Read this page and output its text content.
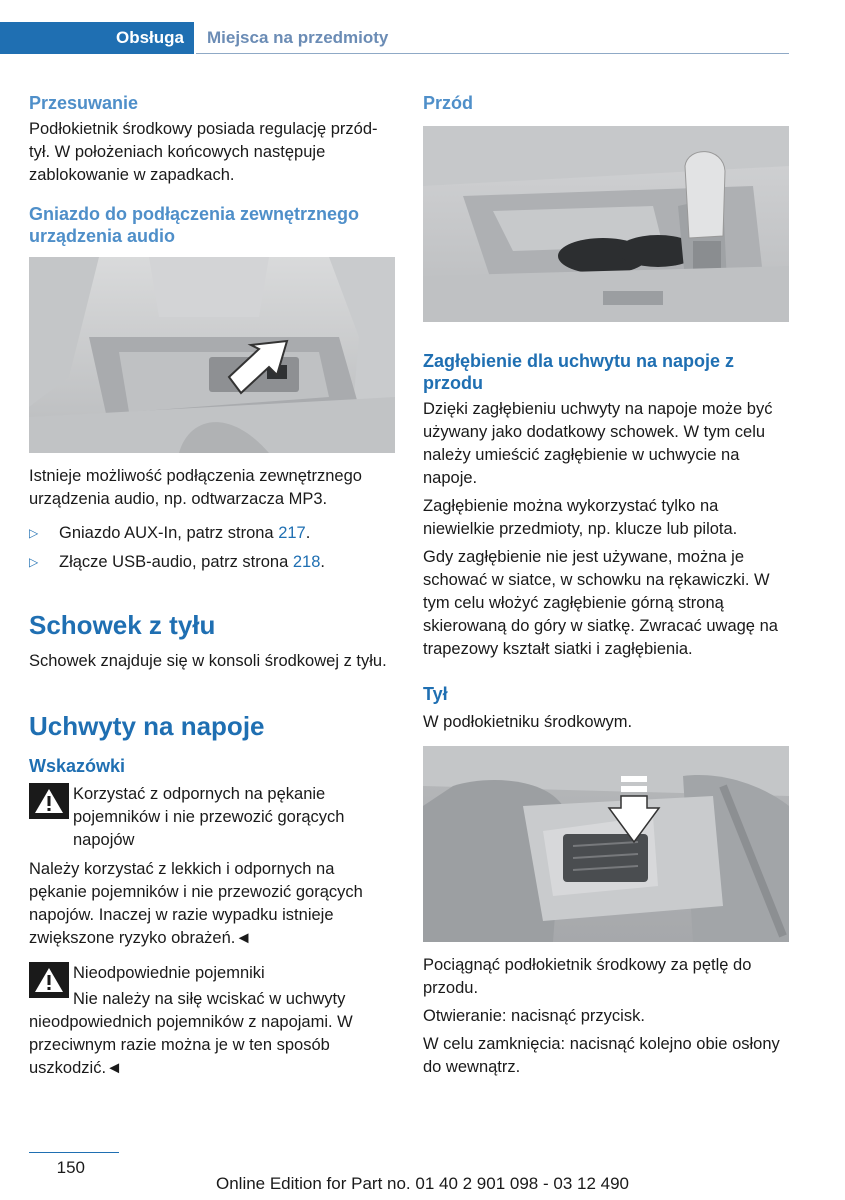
Obsługa Miejsca na przedmioty
Przesuwanie

Podłokietnik środkowy posiada regulację przód-tył. W położeniach końcowych następuje zablokowanie w zapadkach.

Gniazdo do podłączenia zewnętrznego urządzenia audio

Istnieje możliwość podłączenia zewnętrznego urządzenia audio, np. odtwarzacza MP3.

▷	Gniazdo AUX-In, patrz strona 217.
▷	Złącze USB-audio, patrz strona 218.
Schowek z tyłu

Schowek znajduje się w konsoli środkowej z tyłu.

Uchwyty na napoje
Wskazówki

Korzystać z odpornych na pękanie pojemników i nie przewozić gorących napojów

Należy korzystać z lekkich i odpornych na pękanie pojemników i nie przewozić gorących napojów. Inaczej w razie wypadku istnieje zwiększone ryzyko obrażeń.◄

Nieodpowiednie pojemniki

Nie należy na siłę wciskać w uchwyty nieodpowiednich pojemników z napojami. W przeciwnym razie można je w ten sposób uszkodzić.◄

Przód
Zagłębienie dla uchwytu na napoje z przodu

Dzięki zagłębieniu uchwyty na napoje może być używany jako dodatkowy schowek. W tym celu należy umieścić zagłębienie w uchwycie na napoje.

Zagłębienie można wykorzystać tylko na niewielkie przedmioty, np. klucze lub pilota.

Gdy zagłębienie nie jest używane, można je schować w siatce, w schowku na rękawiczki. W tym celu włożyć zagłębienie górną stroną skierowaną do góry w siatkę. Zwracać uwagę na trapezowy kształt siatki i zagłębienia.

Tył

W podłokietniku środkowym.

Pociągnąć podłokietnik środkowy za pętlę do przodu.

Otwieranie: nacisnąć przycisk.

W celu zamknięcia: nacisnąć kolejno obie osłony do wewnątrz.

150
Online Edition for Part no. 01 40 2 901 098 - 03 12 490
